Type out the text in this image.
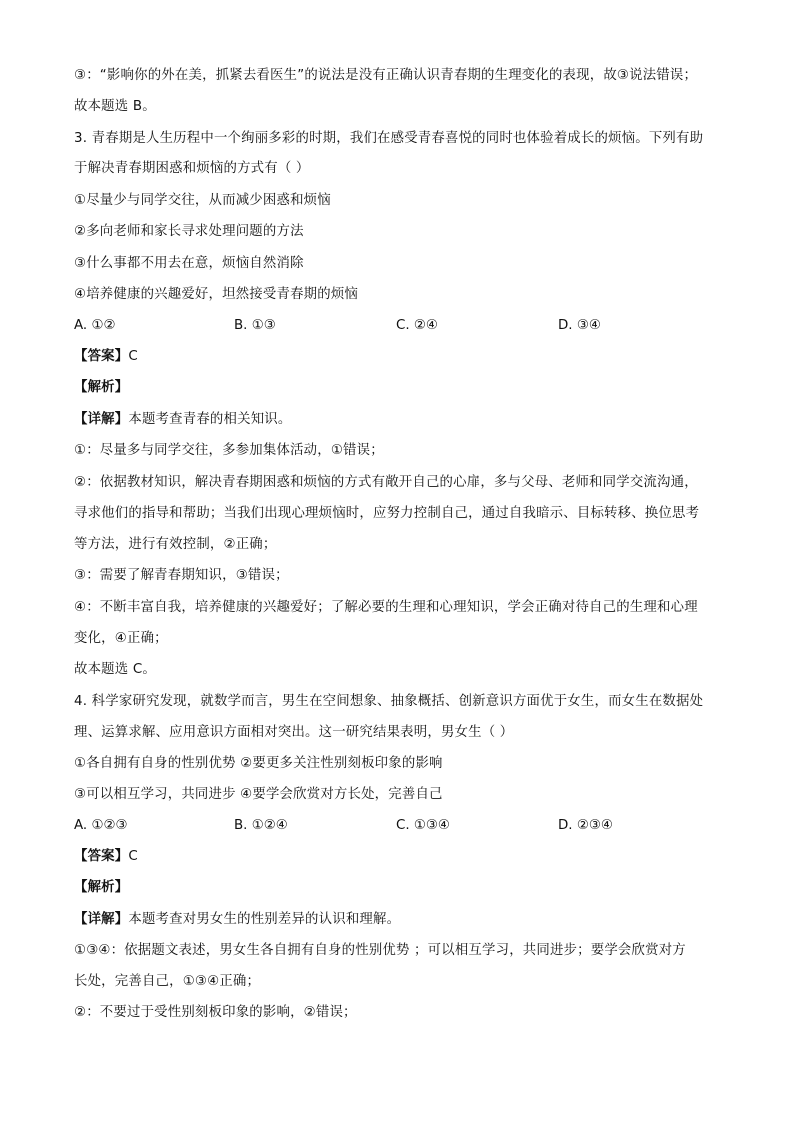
③：“影响你的外在美，抓紧去看医生”的说法是没有正确认识青春期的生理变化的表现，故③说法错误；
故本题选 B。
3. 青春期是人生历程中一个绚丽多彩的时期，我们在感受青春喜悦的同时也体验着成长的烦恼。下列有助
于解决青春期困惑和烦恼的方式有（ ）
①尽量少与同学交往，从而减少困惑和烦恼
②多向老师和家长寻求处理问题的方法
③什么事都不用去在意，烦恼自然消除
④培养健康的兴趣爱好，坦然接受青春期的烦恼
A. ①②	B. ①③	C. ②④	D. ③④
【答案】C
【解析】
【详解】本题考查青春的相关知识。
①：尽量多与同学交往，多参加集体活动，①错误；
②：依据教材知识，解决青春期困惑和烦恼的方式有敞开自己的心扉，多与父母、老师和同学交流沟通，
寻求他们的指导和帮助；当我们出现心理烦恼时，应努力控制自己，通过自我暗示、目标转移、换位思考
等方法，进行有效控制，②正确；
③：需要了解青春期知识，③错误；
④：不断丰富自我，培养健康的兴趣爱好；了解必要的生理和心理知识，学会正确对待自己的生理和心理
变化，④正确；
故本题选 C。
4. 科学家研究发现，就数学而言，男生在空间想象、抽象概括、创新意识方面优于女生，而女生在数据处
理、运算求解、应用意识方面相对突出。这一研究结果表明，男女生（ ）
①各自拥有自身的性别优势 ②要更多关注性别刻板印象的影响
③可以相互学习，共同进步 ④要学会欣赏对方长处，完善自己
A. ①②③	B. ①②④	C. ①③④	D. ②③④
【答案】C
【解析】
【详解】本题考查对男女生的性别差异的认识和理解。
①③④：依据题文表述，男女生各自拥有自身的性别优势 ；可以相互学习，共同进步；要学会欣赏对方
长处，完善自己，①③④正确；
②：不要过于受性别刻板印象的影响，②错误；
